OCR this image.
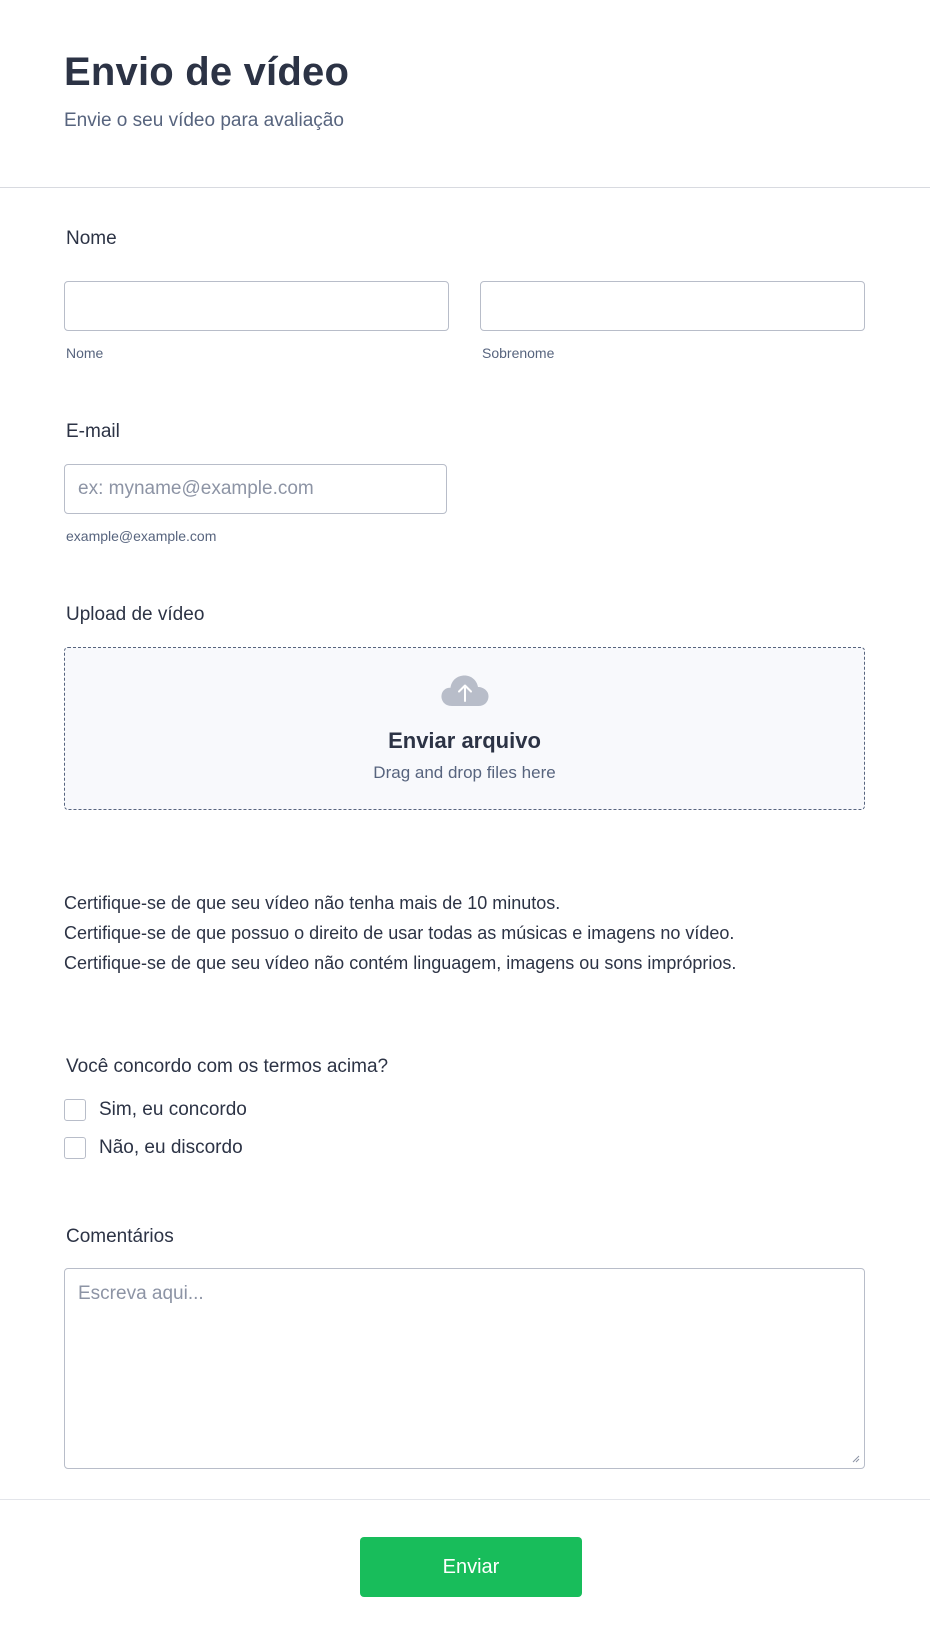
Envio de vídeo

Envie o seu vídeo para avaliação

Nome
Nome	Sobrenome
E-mail
ex: myname@example.com
example@example.com
Upload de vídeo
Enviar arquivo
Drag and drop files here
Certifique-se de que seu vídeo não tenha mais de 10 minutos.
Certifique-se de que possuo o direito de usar todas as músicas e imagens no vídeo.
Certifique-se de que seu vídeo não contém linguagem, imagens ou sons impróprios.
Você concordo com os termos acima?
Sim, eu concordo
Não, eu discordo
Comentários
Escreva aqui...
Enviar
